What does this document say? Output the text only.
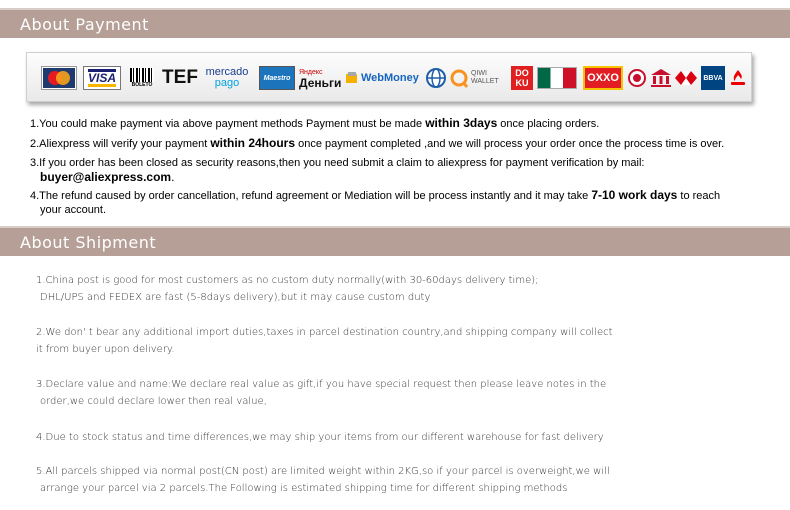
About Payment
VISA	BOLETO TEF mercado
pago	Maestro
Яндекс
Деньги WebMoney	QIWI
WALLET
DO
KU	OXXO	BBVA
1.You could make payment via above payment methods Payment must be made within 3days once placing orders.
2.Aliexpress will verify your payment within 24hours once payment completed ,and we will process your order once the process time is over.
3.If you order has been closed as security reasons,then you need submit a claim to aliexpress for payment verification by mail:
buyer@aliexpress.com.
4.The refund caused by order cancellation, refund agreement or Mediation will be process instantly and it may take 7-10 work days to reach
your account.
About Shipment
1.China post is good for most customers as no custom duty normally(with 30-60days delivery time);
DHL/UPS and FEDEX are fast (5-8days delivery),but it may cause custom duty
2.We don' t bear any additional import duties,taxes in parcel destination country,and shipping company will collect
it from buyer upon delivery.
3.Declare value and name:We declare real value as gift,if you have special request then please leave notes in the
order,we could declare lower then real value,
4.Due to stock status and time differences,we may ship your items from our different warehouse for fast delivery
5.All parcels shipped via normal post(CN post) are limited weight within 2KG,so if your parcel is overweight,we will
arrange your parcel via 2 parcels.The Following is estimated shipping time for different shipping methods
